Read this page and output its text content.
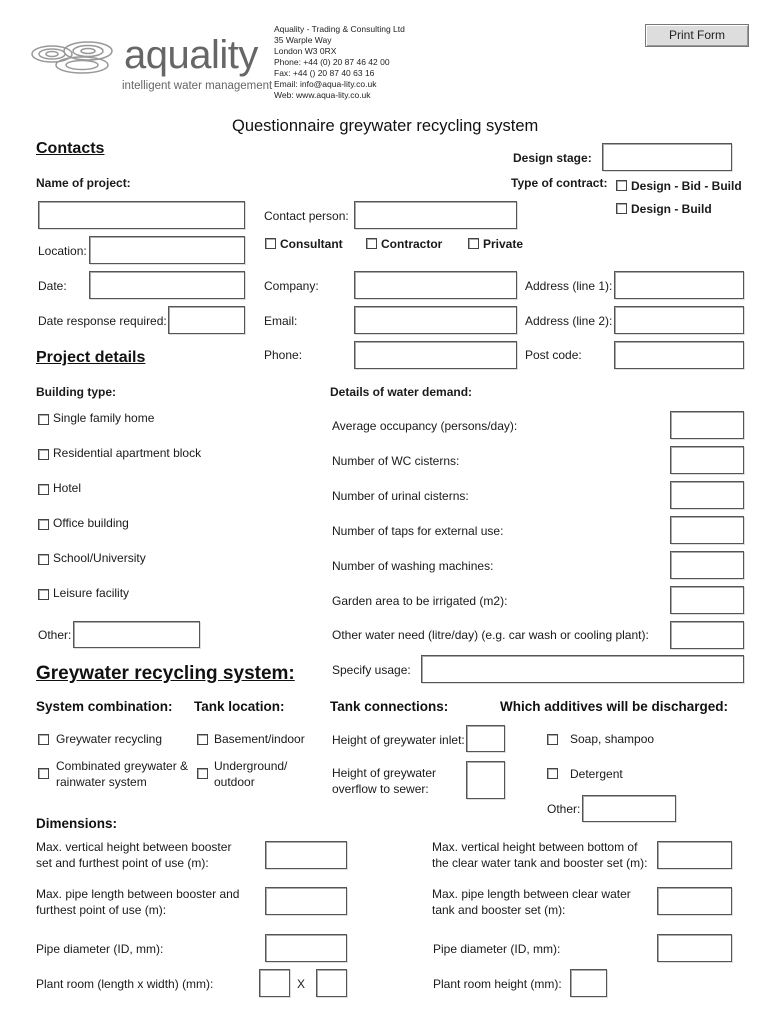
aquality
intelligent water management
Aquality - Trading & Consulting Ltd
35 Warple Way
London W3 0RX
Phone: +44 (0) 20 87 46 42 00
Fax: +44 () 20 87 40 63 16
Email: info@aqua-lity.co.uk
Web: www.aqua-lity.co.uk
Print Form
Questionnaire greywater recycling system
Contacts
Design stage:
Name of project:	Type of contract: Design - Bid - Build
Design - Build
Contact person:
Location:	Consultant	Contractor	Private
Date:	Company:	Address (line 1):
Date response required:	Email:	Address (line 2):
Project details	Phone:	Post code:
Building type:	Details of water demand:
Single family home
Residential apartment block
Hotel
Office building
School/University
Leisure facility
Other:
Average occupancy (persons/day):
Number of WC cisterns:
Number of urinal cisterns:
Number of taps for external use:
Number of washing machines:
Garden area to be irrigated (m2):
Other water need (litre/day) (e.g. car wash or cooling plant):
Greywater recycling system:	Specify usage:
System combination: Tank location:	Tank connections:	Which additives will be discharged:
Greywater recycling
Combinated greywater & rainwater system
Basement/indoor
Underground/ outdoor
Height of greywater inlet:
Height of greywater overflow to sewer:
Soap, shampoo
Detergent
Other:
Dimensions:
Max. vertical height between booster set and furthest point of use (m):
Max. vertical height between bottom of the clear water tank and booster set (m):
Max. pipe length between booster and furthest point of use (m):
Max. pipe length between clear water tank and booster set (m):
Pipe diameter (ID, mm):	Pipe diameter (ID, mm):
Plant room (length x width) (mm):	X	Plant room height (mm):
